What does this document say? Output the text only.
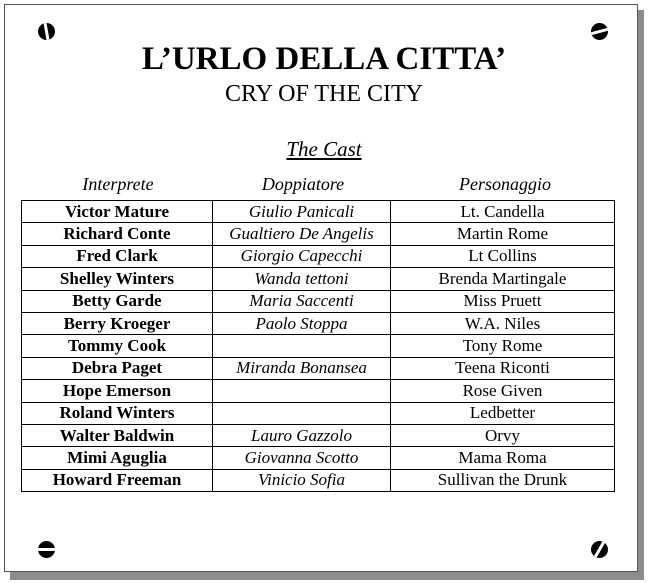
L’URLO DELLA CITTA’
CRY OF THE CITY
The Cast
Interprete	Doppiatore	Personaggio
Victor Mature	Giulio Panicali	Lt. Candella
Richard Conte	Gualtiero De Angelis	Martin Rome
Fred Clark	Giorgio Capecchi	Lt Collins
Shelley Winters	Wanda tettoni	Brenda Martingale
Betty Garde	Maria Saccenti	Miss Pruett
Berry Kroeger	Paolo Stoppa	W.A. Niles
Tommy Cook		Tony Rome
Debra Paget	Miranda Bonansea	Teena Riconti
Hope Emerson		Rose Given
Roland Winters		Ledbetter
Walter Baldwin	Lauro Gazzolo	Orvy
Mimi Aguglia	Giovanna Scotto	Mama Roma
Howard Freeman	Vinicio Sofia	Sullivan the Drunk
